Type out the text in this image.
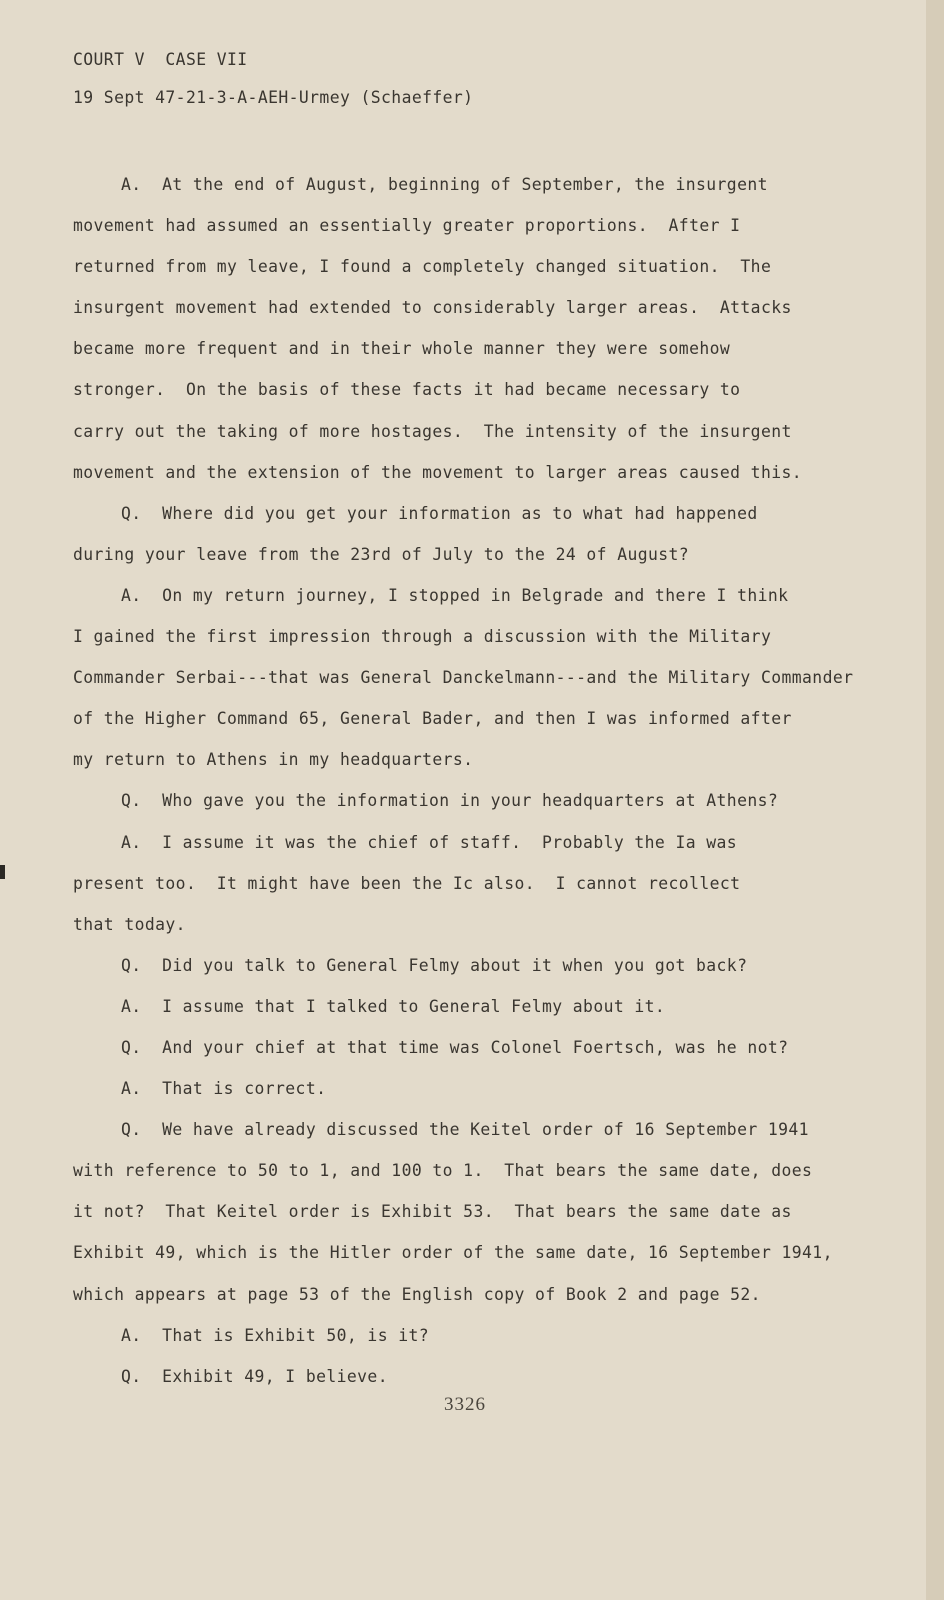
COURT V  CASE VII
19 Sept 47-21-3-A-AEH-Urmey (Schaeffer)
A.  At the end of August, beginning of September, the insurgent
movement had assumed an essentially greater proportions.  After I
returned from my leave, I found a completely changed situation.  The
insurgent movement had extended to considerably larger areas.  Attacks
became more frequent and in their whole manner they were somehow
stronger.  On the basis of these facts it had became necessary to
carry out the taking of more hostages.  The intensity of the insurgent
movement and the extension of the movement to larger areas caused this.
Q.  Where did you get your information as to what had happened
during your leave from the 23rd of July to the 24 of August?
A.  On my return journey, I stopped in Belgrade and there I think
I gained the first impression through a discussion with the Military
Commander Serbai---that was General Danckelmann---and the Military Commander
of the Higher Command 65, General Bader, and then I was informed after
my return to Athens in my headquarters.
Q.  Who gave you the information in your headquarters at Athens?
A.  I assume it was the chief of staff.  Probably the Ia was
present too.  It might have been the Ic also.  I cannot recollect
that today.
Q.  Did you talk to General Felmy about it when you got back?
A.  I assume that I talked to General Felmy about it.
Q.  And your chief at that time was Colonel Foertsch, was he not?
A.  That is correct.
Q.  We have already discussed the Keitel order of 16 September 1941
with reference to 50 to 1, and 100 to 1.  That bears the same date, does
it not?  That Keitel order is Exhibit 53.  That bears the same date as
Exhibit 49, which is the Hitler order of the same date, 16 September 1941,
which appears at page 53 of the English copy of Book 2 and page 52.
A.  That is Exhibit 50, is it?
Q.  Exhibit 49, I believe.
3326
